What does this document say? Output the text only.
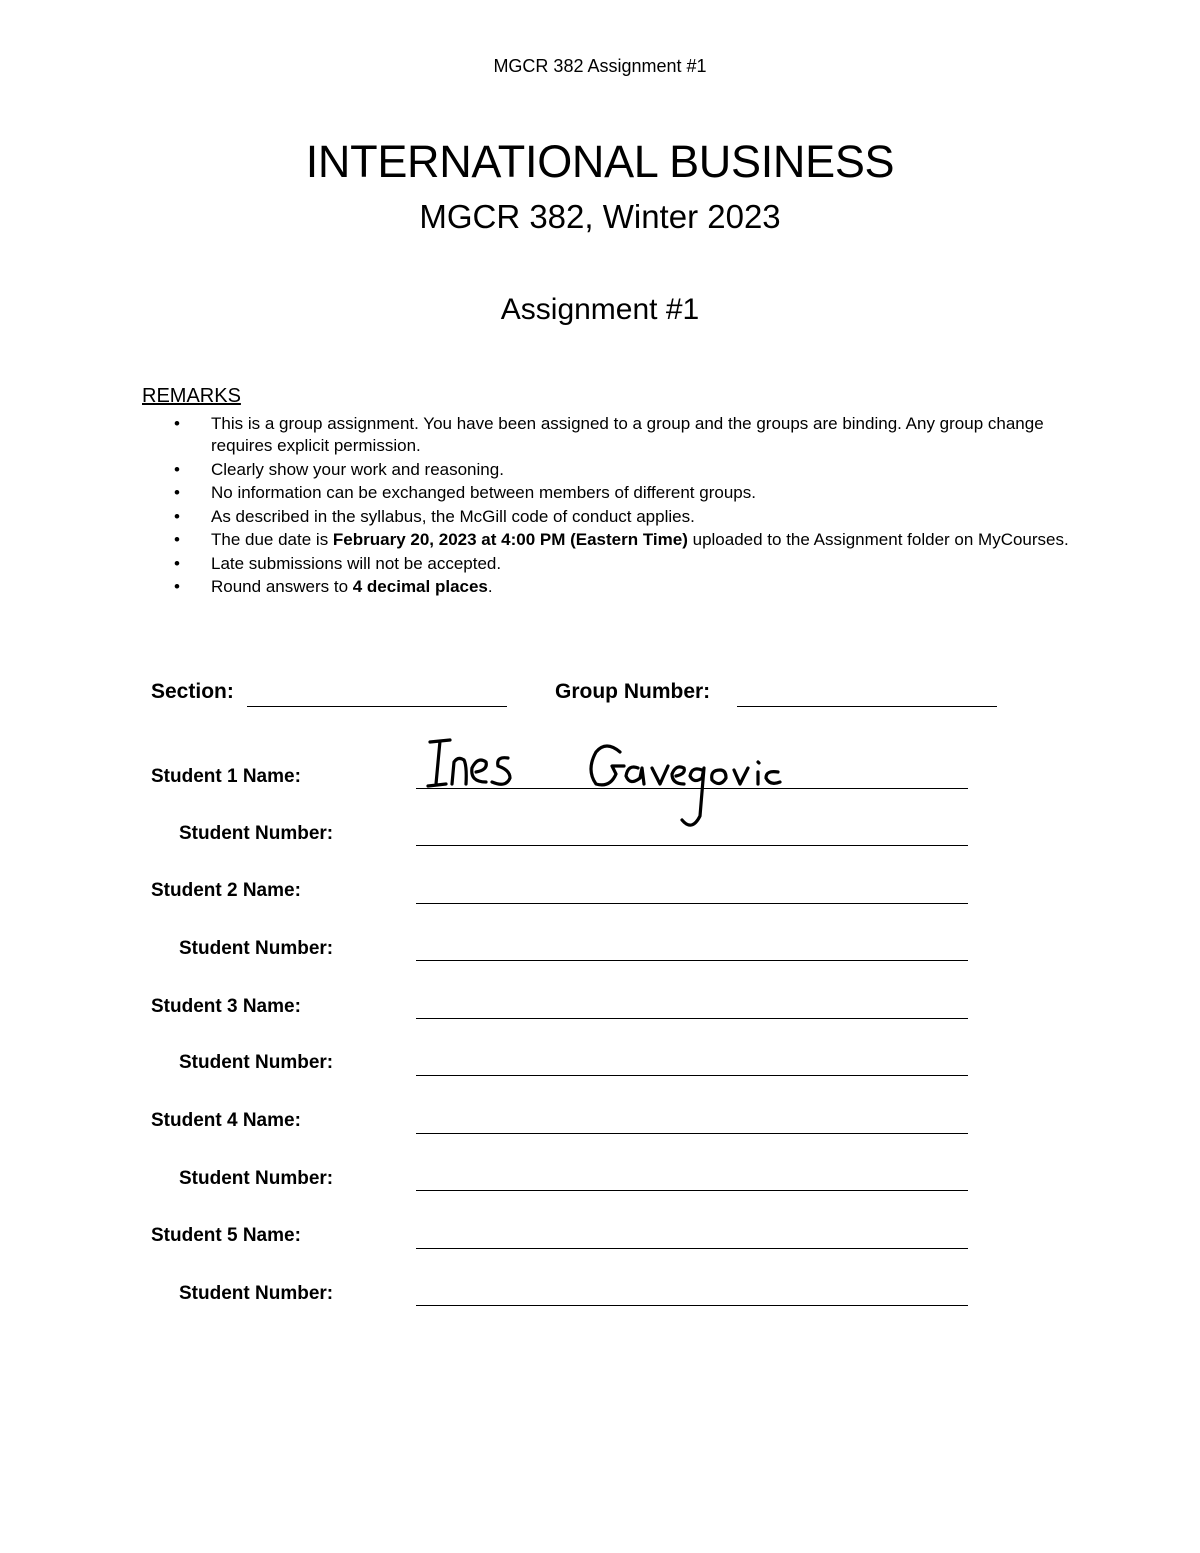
MGCR 382 Assignment #1
INTERNATIONAL BUSINESS
MGCR 382, Winter 2023
Assignment #1
REMARKS
• This is a group assignment. You have been assigned to a group and the groups are binding. Any group change requires explicit permission.
• Clearly show your work and reasoning.
• No information can be exchanged between members of different groups.
• As described in the syllabus, the McGill code of conduct applies.
• The due date is February 20, 2023 at 4:00 PM (Eastern Time) uploaded to the Assignment folder on MyCourses.
• Late submissions will not be accepted.
• Round answers to 4 decimal places.
Section:	Group Number:
Student 1 Name:
Student Number:
Student 2 Name:
Student Number:
Student 3 Name:
Student Number:
Student 4 Name:
Student Number:
Student 5 Name:
Student Number:
